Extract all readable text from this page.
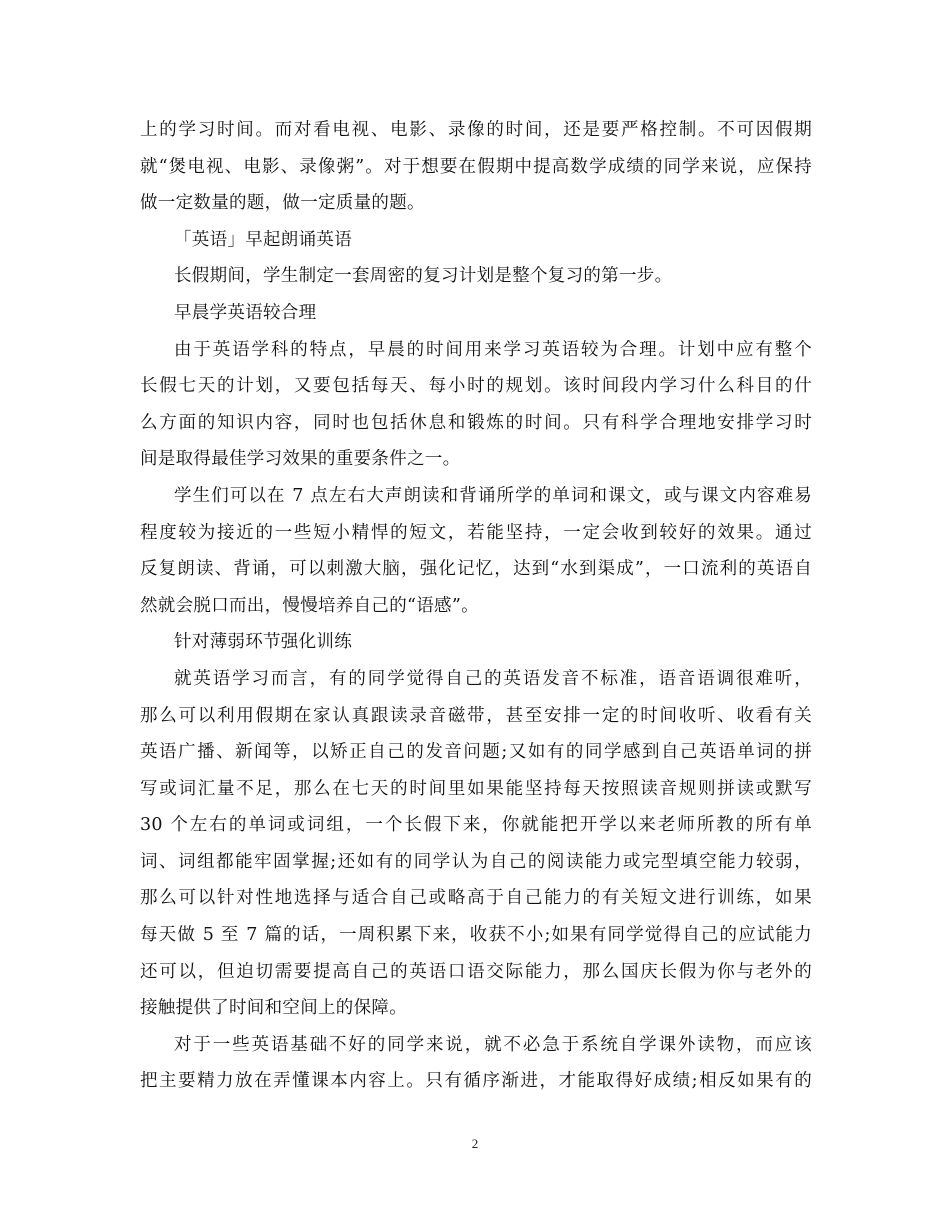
上的学习时间。而对看电视、电影、录像的时间，还是要严格控制。不可因假期
就“煲电视、电影、录像粥”。对于想要在假期中提高数学成绩的同学来说，应保持
做一定数量的题，做一定质量的题。
「英语」早起朗诵英语
长假期间，学生制定一套周密的复习计划是整个复习的第一步。
早晨学英语较合理
由于英语学科的特点，早晨的时间用来学习英语较为合理。计划中应有整个
长假七天的计划，又要包括每天、每小时的规划。该时间段内学习什么科目的什
么方面的知识内容，同时也包括休息和锻炼的时间。只有科学合理地安排学习时
间是取得最佳学习效果的重要条件之一。
学生们可以在 7 点左右大声朗读和背诵所学的单词和课文，或与课文内容难易
程度较为接近的一些短小精悍的短文，若能坚持，一定会收到较好的效果。通过
反复朗读、背诵，可以刺激大脑，强化记忆，达到“水到渠成”，一口流利的英语自
然就会脱口而出，慢慢培养自己的“语感”。
针对薄弱环节强化训练
就英语学习而言，有的同学觉得自己的英语发音不标准，语音语调很难听，
那么可以利用假期在家认真跟读录音磁带，甚至安排一定的时间收听、收看有关
英语广播、新闻等，以矫正自己的发音问题;又如有的同学感到自己英语单词的拼
写或词汇量不足，那么在七天的时间里如果能坚持每天按照读音规则拼读或默写
30 个左右的单词或词组，一个长假下来，你就能把开学以来老师所教的所有单
词、词组都能牢固掌握;还如有的同学认为自己的阅读能力或完型填空能力较弱，
那么可以针对性地选择与适合自己或略高于自己能力的有关短文进行训练，如果
每天做 5 至 7 篇的话，一周积累下来，收获不小;如果有同学觉得自己的应试能力
还可以，但迫切需要提高自己的英语口语交际能力，那么国庆长假为你与老外的
接触提供了时间和空间上的保障。
对于一些英语基础不好的同学来说，就不必急于系统自学课外读物，而应该
把主要精力放在弄懂课本内容上。只有循序渐进，才能取得好成绩;相反如果有的
2
